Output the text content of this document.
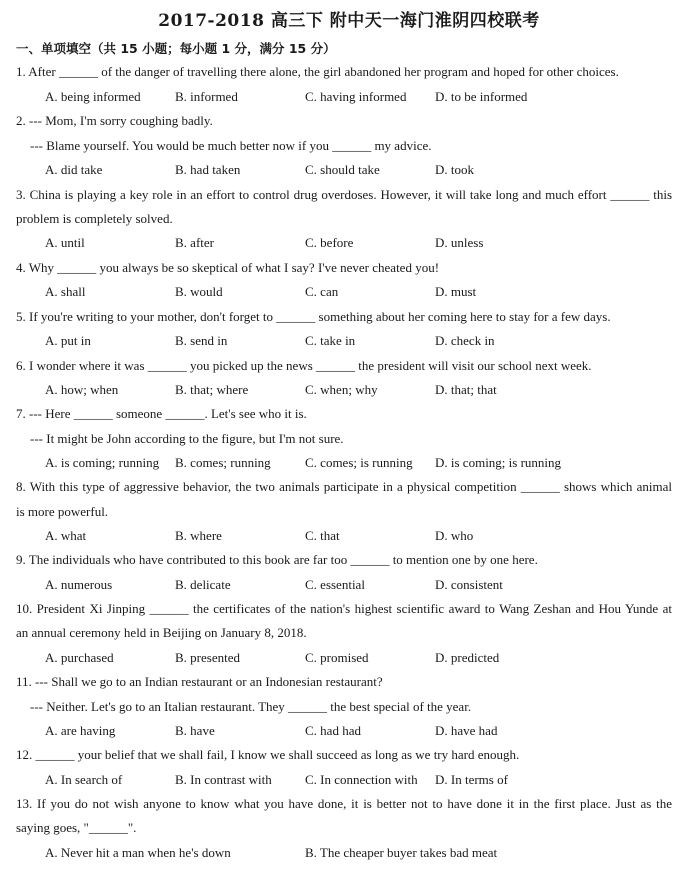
2017-2018 高三下 附中天一海门淮阴四校联考
一、单项填空（共 15 小题；每小题 1 分，满分 15 分）
1. After ______ of the danger of travelling there alone, the girl abandoned her program and hoped for other choices.
A. being informed	B. informed	C. having informed D. to be informed
2. --- Mom, I'm sorry coughing badly.
--- Blame yourself. You would be much better now if you ______ my advice.
A. did take	B. had taken	C. should take	D. took
3. China is playing a key role in an effort to control drug overdoses. However, it will take long and much effort ______ this
problem is completely solved.
A. until	B. after	C. before	D. unless
4. Why ______ you always be so skeptical of what I say? I've never cheated you!
A. shall	B. would	C. can	D. must
5. If you're writing to your mother, don't forget to ______ something about her coming here to stay for a few days.
A. put in	B. send in	C. take in	D. check in
6. I wonder where it was ______ you picked up the news ______ the president will visit our school next week.
A. how; when	B. that; where	C. when; why	D. that; that
7. --- Here ______ someone ______. Let's see who it is.
--- It might be John according to the figure, but I'm not sure.
A. is coming; running B. comes; running	C. comes; is running D. is coming; is running
8. With this type of aggressive behavior, the two animals participate in a physical competition ______ shows which animal
is more powerful.
A. what	B. where	C. that	D. who
9. The individuals who have contributed to this book are far too ______ to mention one by one here.
A. numerous	B. delicate	C. essential	D. consistent
10. President Xi Jinping ______ the certificates of the nation's highest scientific award to Wang Zeshan and Hou Yunde at
an annual ceremony held in Beijing on January 8, 2018.
A. purchased	B. presented	C. promised	D. predicted
11. --- Shall we go to an Indian restaurant or an Indonesian restaurant?
--- Neither. Let's go to an Italian restaurant. They ______ the best special of the year.
A. are having	B. have	C. had had	D. have had
12. ______ your belief that we shall fail, I know we shall succeed as long as we try hard enough.
A. In search of	B. In contrast with	C. In connection with D. In terms of
13. If you do not wish anyone to know what you have done, it is better not to have done it in the first place. Just as the
saying goes, "______".
A. Never hit a man when he's down	B. The cheaper buyer takes bad meat
